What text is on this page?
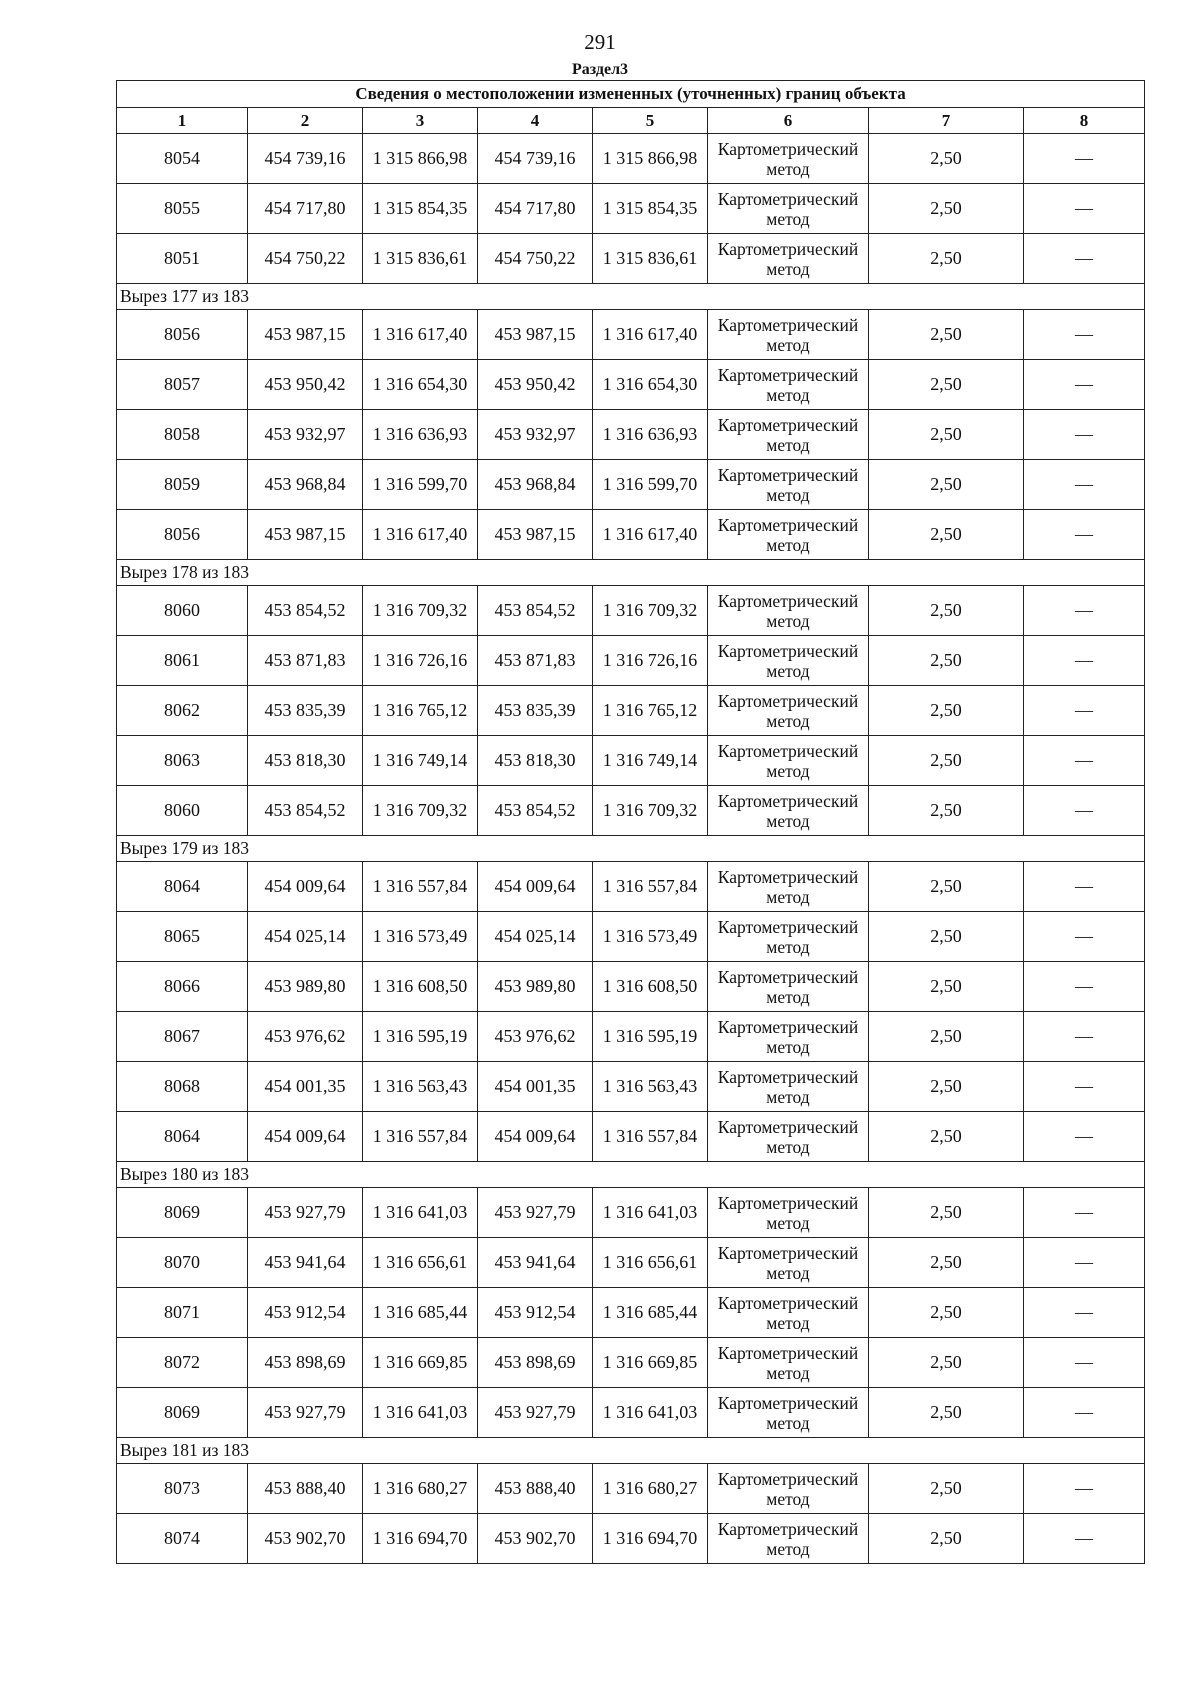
291
Раздел3
Сведения о местоположении измененных (уточненных) границ объекта							
1	2	3	4	5	6	7	8
8054	454 739,16	1 315 866,98	454 739,16	1 315 866,98	Картометрический метод	2,50	—
8055	454 717,80	1 315 854,35	454 717,80	1 315 854,35	Картометрический метод	2,50	—
8051	454 750,22	1 315 836,61	454 750,22	1 315 836,61	Картометрический метод	2,50	—
Вырез 177 из 183							
8056	453 987,15	1 316 617,40	453 987,15	1 316 617,40	Картометрический метод	2,50	—
8057	453 950,42	1 316 654,30	453 950,42	1 316 654,30	Картометрический метод	2,50	—
8058	453 932,97	1 316 636,93	453 932,97	1 316 636,93	Картометрический метод	2,50	—
8059	453 968,84	1 316 599,70	453 968,84	1 316 599,70	Картометрический метод	2,50	—
8056	453 987,15	1 316 617,40	453 987,15	1 316 617,40	Картометрический метод	2,50	—
Вырез 178 из 183							
8060	453 854,52	1 316 709,32	453 854,52	1 316 709,32	Картометрический метод	2,50	—
8061	453 871,83	1 316 726,16	453 871,83	1 316 726,16	Картометрический метод	2,50	—
8062	453 835,39	1 316 765,12	453 835,39	1 316 765,12	Картометрический метод	2,50	—
8063	453 818,30	1 316 749,14	453 818,30	1 316 749,14	Картометрический метод	2,50	—
8060	453 854,52	1 316 709,32	453 854,52	1 316 709,32	Картометрический метод	2,50	—
Вырез 179 из 183							
8064	454 009,64	1 316 557,84	454 009,64	1 316 557,84	Картометрический метод	2,50	—
8065	454 025,14	1 316 573,49	454 025,14	1 316 573,49	Картометрический метод	2,50	—
8066	453 989,80	1 316 608,50	453 989,80	1 316 608,50	Картометрический метод	2,50	—
8067	453 976,62	1 316 595,19	453 976,62	1 316 595,19	Картометрический метод	2,50	—
8068	454 001,35	1 316 563,43	454 001,35	1 316 563,43	Картометрический метод	2,50	—
8064	454 009,64	1 316 557,84	454 009,64	1 316 557,84	Картометрический метод	2,50	—
Вырез 180 из 183							
8069	453 927,79	1 316 641,03	453 927,79	1 316 641,03	Картометрический метод	2,50	—
8070	453 941,64	1 316 656,61	453 941,64	1 316 656,61	Картометрический метод	2,50	—
8071	453 912,54	1 316 685,44	453 912,54	1 316 685,44	Картометрический метод	2,50	—
8072	453 898,69	1 316 669,85	453 898,69	1 316 669,85	Картометрический метод	2,50	—
8069	453 927,79	1 316 641,03	453 927,79	1 316 641,03	Картометрический метод	2,50	—
Вырез 181 из 183							
8073	453 888,40	1 316 680,27	453 888,40	1 316 680,27	Картометрический метод	2,50	—
8074	453 902,70	1 316 694,70	453 902,70	1 316 694,70	Картометрический метод	2,50	—
